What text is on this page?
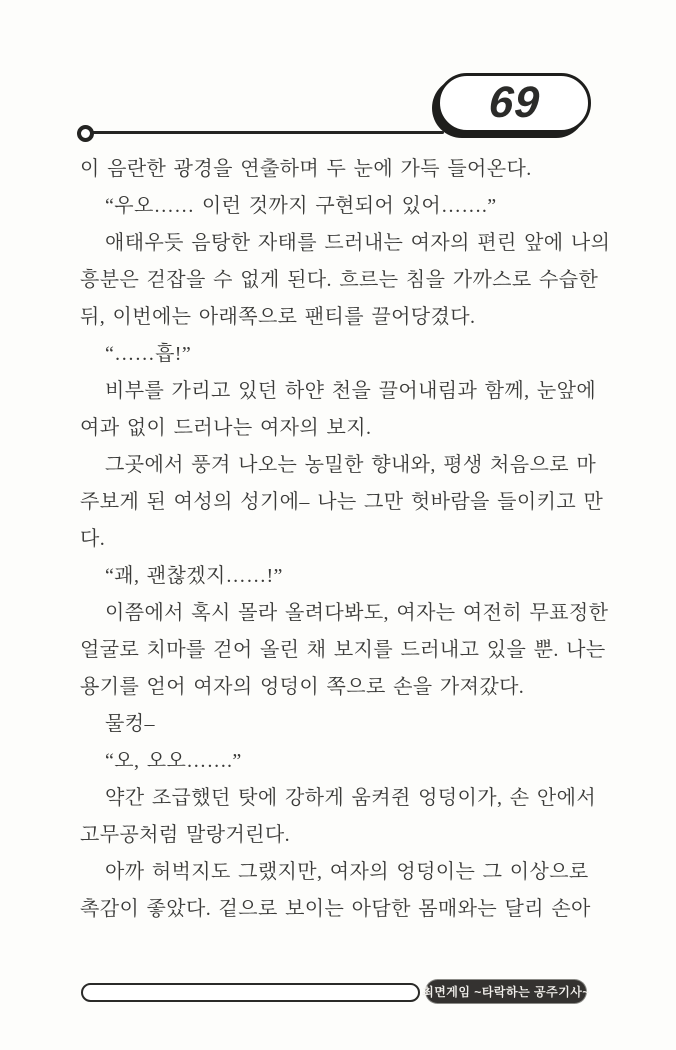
69
이 음란한 광경을 연출하며 두 눈에 가득 들어온다.
“우오…… 이런 것까지 구현되어 있어…….”
애태우듯 음탕한 자태를 드러내는 여자의 편린 앞에 나의
흥분은 걷잡을 수 없게 된다. 흐르는 침을 가까스로 수습한
뒤, 이번에는 아래쪽으로 팬티를 끌어당겼다.
“……흡!”
비부를 가리고 있던 하얀 천을 끌어내림과 함께, 눈앞에
여과 없이 드러나는 여자의 보지.
그곳에서 풍겨 나오는 농밀한 향내와, 평생 처음으로 마
주보게 된 여성의 성기에– 나는 그만 헛바람을 들이키고 만
다.
“괘, 괜찮겠지……!”
이쯤에서 혹시 몰라 올려다봐도, 여자는 여전히 무표정한
얼굴로 치마를 걷어 올린 채 보지를 드러내고 있을 뿐. 나는
용기를 얻어 여자의 엉덩이 쪽으로 손을 가져갔다.
물컹–
“오, 오오…….”
약간 조급했던 탓에 강하게 움켜쥔 엉덩이가, 손 안에서
고무공처럼 말랑거린다.
아까 허벅지도 그랬지만, 여자의 엉덩이는 그 이상으로
촉감이 좋았다. 겉으로 보이는 아담한 몸매와는 달리 손아
최면게임 ~타락하는 공주기사~
